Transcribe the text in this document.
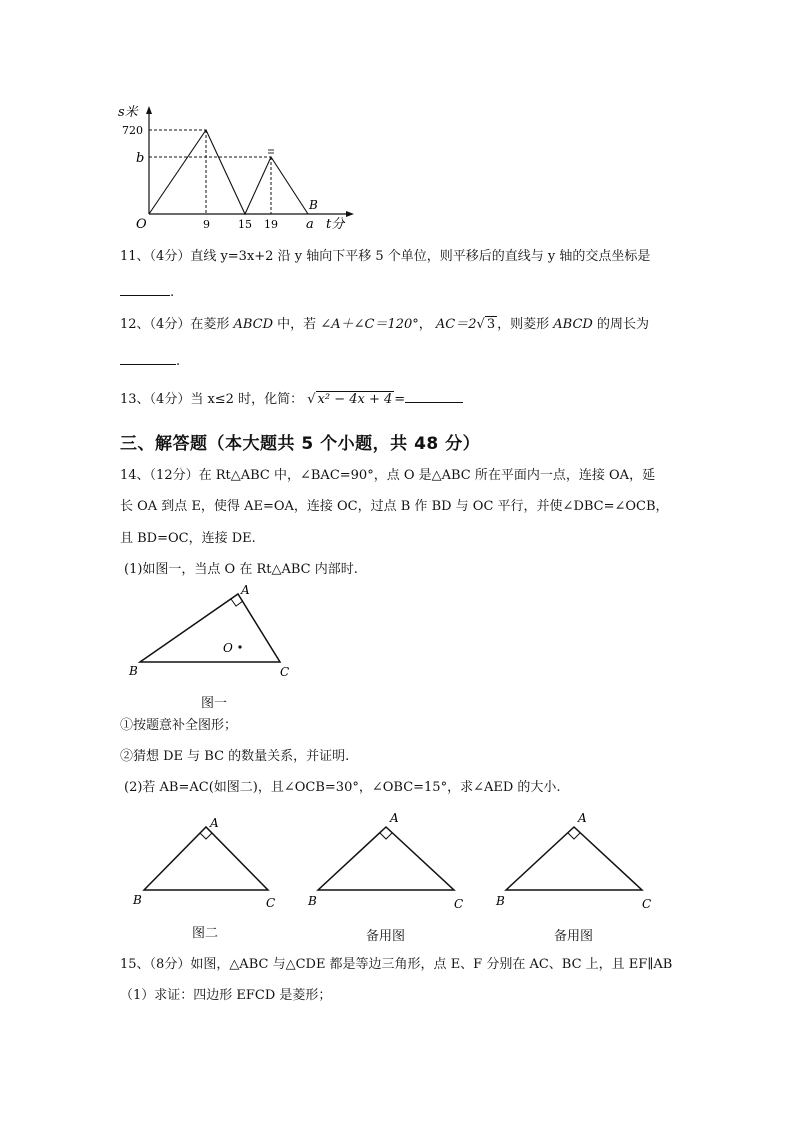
s米
720
b
O	9	15 19 a
B
t分
11、（4分）直线 y=3x+2 沿 y 轴向下平移 5 个单位，则平移后的直线与 y 轴的交点坐标是
.
12、（4分）在菱形 ABCD 中，若 ∠A＋∠C＝120°， AC＝2√ 3 ，则菱形 ABCD 的周长为
.
13、（4分）当 x≤2 时，化简： √ x² − 4x + 4 =
三、解答题（本大题共 5 个小题，共 48 分）
14、（12分）在 Rt△ABC 中，∠BAC=90°，点 O 是△ABC 所在平面内一点，连接 OA，延
长 OA 到点 E，使得 AE=OA，连接 OC，过点 B 作 BD 与 OC 平行，并使∠DBC=∠OCB，
且 BD=OC，连接 DE.
(1)如图一，当点 O 在 Rt△ABC 内部时.
A
B	C
O
图一
①按题意补全图形；
②猜想 DE 与 BC 的数量关系，并证明.
(2)若 AB=AC(如图二)，且∠OCB=30°，∠OBC=15°，求∠AED 的大小.
A
B	C
图二
A
B	C
备用图
A
B	C
备用图
15、（8分）如图，△ABC 与△CDE 都是等边三角形，点 E、F 分别在 AC、BC 上，且 EF∥AB
（1）求证：四边形 EFCD 是菱形；
